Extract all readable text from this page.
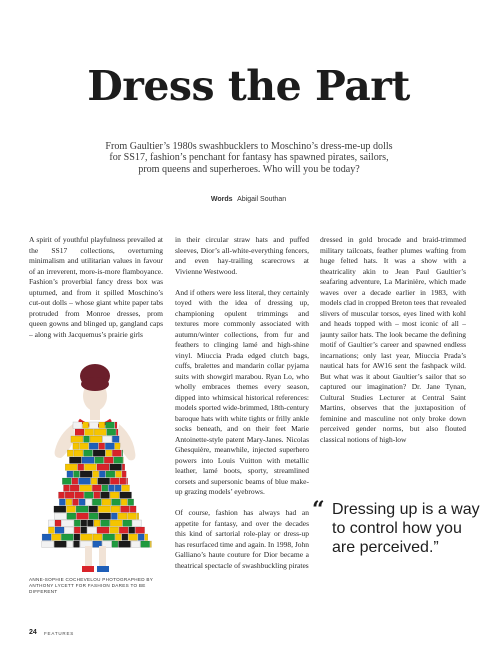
Dress the Part

From Gaultier’s 1980s swashbucklers to Moschino’s dress-me-up dolls for SS17, fashion’s penchant for fantasy has spawned pirates, sailors, prom queens and superheroes. Who will you be today?

Words Abigail Southan

A spirit of youthful playfulness prevailed at the SS17 collections, overturning minimalism and utilitarian values in favour of an irreverent, more-is-more flamboyance. Fashion’s proverbial fancy dress box was upturned, and from it spilled Moschino’s cut-out dolls – whose giant white paper tabs protruded from Monroe dresses, prom queen gowns and blinged up, gangland caps – along with Jacquemus’s prairie girls

in their circular straw hats and puffed sleeves, Dior’s all-white-everything fencers, and even hay-trailing scarecrows at Vivienne Westwood.

And if others were less literal, they certainly toyed with the idea of dressing up, championing opulent trimmings and textures more commonly associated with autumn/winter collections, from fur and feathers to clinging lamé and high-shine vinyl. Miuccia Prada edged clutch bags, cuffs, bralettes and mandarin collar pyjama suits with showgirl marabou. Ryan Lo, who wholly embraces themes every season, dipped into whimsical historical references: models sported wide-brimmed, 18th-century baroque hats with white tights or frilly ankle socks beneath, and on their feet Marie Antoinette-style patent Mary-Janes. Nicolas Ghesquière, meanwhile, injected superhero powers into Louis Vuitton with metallic leather, lamé boots, sporty, streamlined corsets and supersonic beams of blue make-up grazing models’ eyebrows.

Of course, fashion has always had an appetite for fantasy, and over the decades this kind of sartorial role-play or dress-up has resurfaced time and again. In 1998, John Galliano’s haute couture for Dior became a theatrical spectacle of swashbuckling pirates

dressed in gold brocade and braid-trimmed military tailcoats, feather plumes wafting from huge felted hats. It was a show with a theatricality akin to Jean Paul Gaultier’s seafaring adventure, La Marinière, which made waves over a decade earlier in 1983, with models clad in cropped Breton tees that revealed slivers of muscular torsos, eyes lined with kohl and heads topped with – most iconic of all – jaunty sailor hats. The look became the defining motif of Gaultier’s career and spawned endless incarnations; only last year, Miuccia Prada’s nautical hats for AW16 sent the fashpack wild. But what was it about Gaultier’s sailor that so captured our imagination? Dr. Jane Tynan, Cultural Studies Lecturer at Central Saint Martins, observes that the juxtaposition of feminine and masculine not only broke down perceived gender norms, but also flouted classical notions of high-low

“ Dressing up is a way to control how you are perceived.”

ANNE-SOPHIE COCHEVELOU PHOTOGRAPHED BY ANTHONY LYCETT FOR FASHION DARES TO BE DIFFERENT

24 FEATURES
